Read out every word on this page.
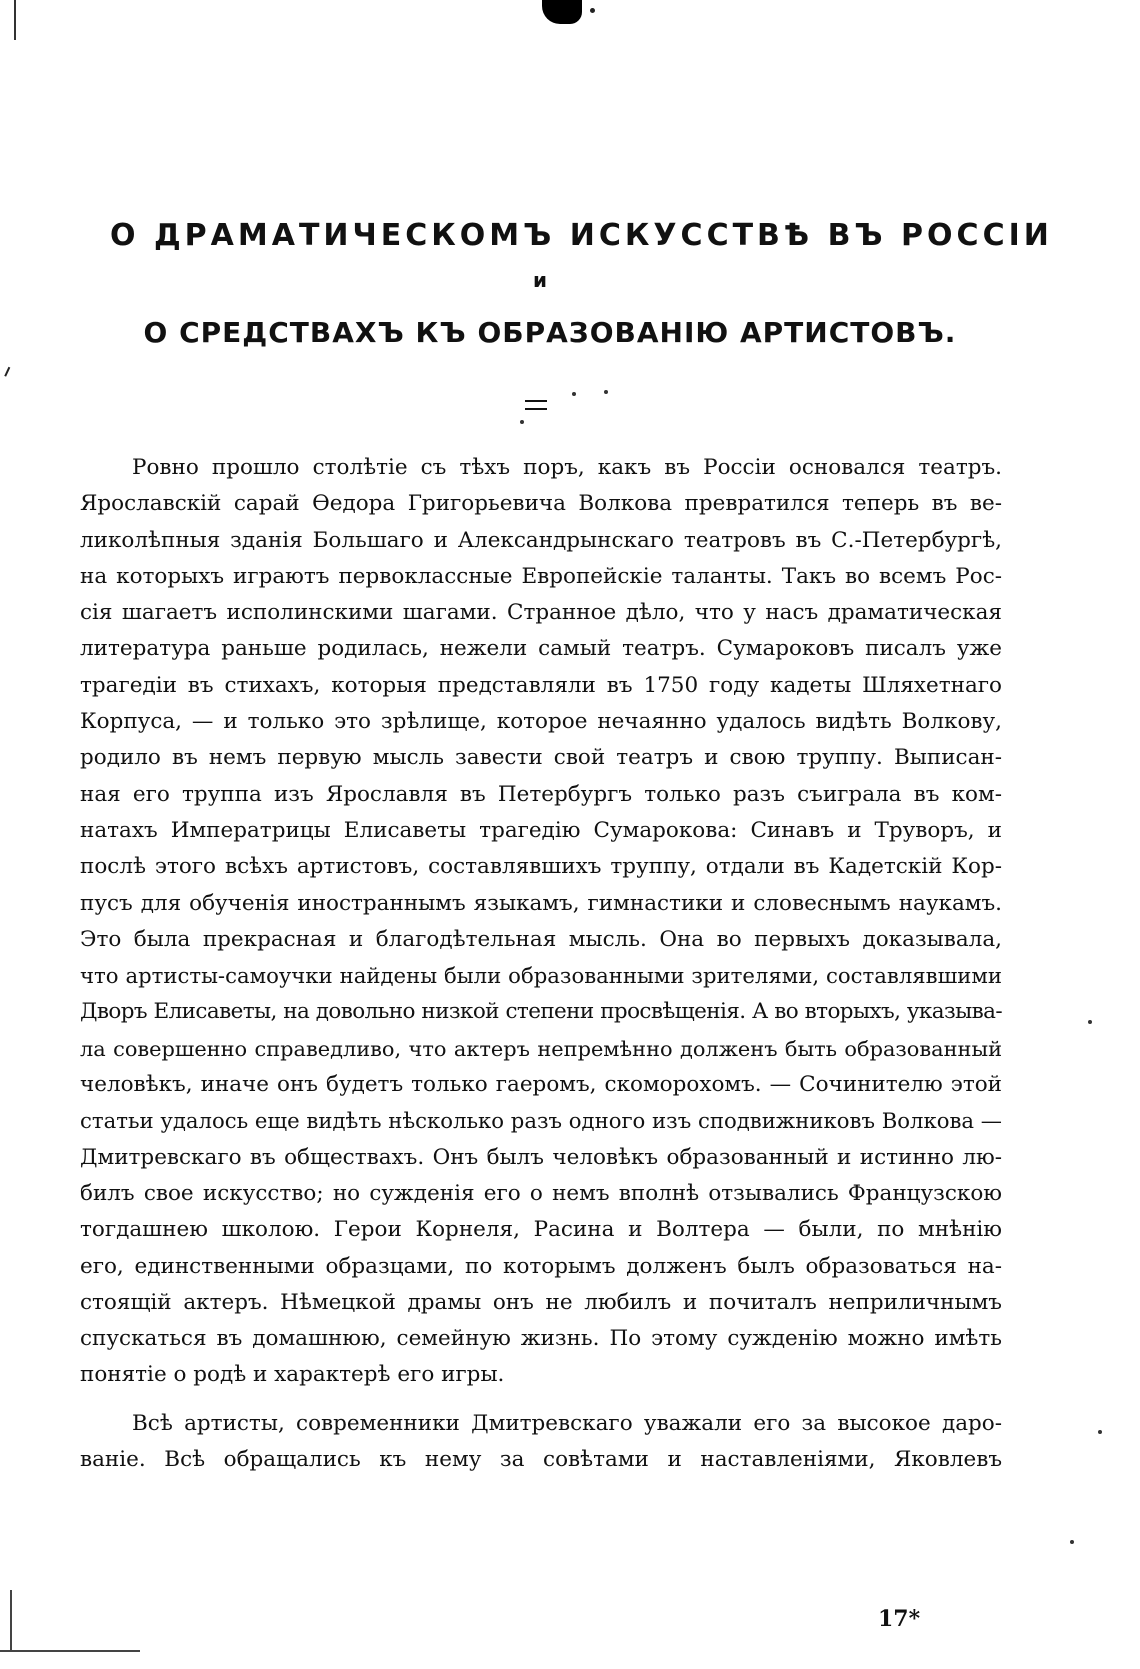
О ДРАМАТИЧЕСКОМЪ ИСКУССТВѢ ВЪ РОССІИ
и
О СРЕДСТВАХЪ КЪ ОБРАЗОВАНІЮ АРТИСТОВЪ.
Ровно прошло столѣтіе съ тѣхъ поръ, какъ въ Россіи основался театръ.
Ярославскій сарай Ѳедора Григорьевича Волкова превратился теперь въ ве-
ликолѣпныя зданія Большаго и Александрынскаго театровъ въ С.-Петербургѣ,
на которыхъ играютъ первоклассные Европейскіе таланты. Такъ во всемъ Рос-
сія шагаетъ исполинскими шагами. Странное дѣло, что у насъ драматическая
литература раньше родилась, нежели самый театръ. Сумароковъ писалъ уже
трагедіи въ стихахъ, которыя представляли въ 1750 году кадеты Шляхетнаго
Корпуса, — и только это зрѣлище, которое нечаянно удалось видѣть Волкову,
родило въ немъ первую мысль завести свой театръ и свою труппу. Выписан-
ная его труппа изъ Ярославля въ Петербургъ только разъ съиграла въ ком-
натахъ Императрицы Елисаветы трагедію Сумарокова: Синавъ и Труворъ, и
послѣ этого всѣхъ артистовъ, составлявшихъ труппу, отдали въ Кадетскій Кор-
пусъ для обученія иностраннымъ языкамъ, гимнастики и словеснымъ наукамъ.
Это была прекрасная и благодѣтельная мысль. Она во первыхъ доказывала,
что артисты-самоучки найдены были образованными зрителями, составлявшими
Дворъ Елисаветы, на довольно низкой степени просвѣщенія. А во вторыхъ, указыва-
ла совершенно справедливо, что актеръ непремѣнно долженъ быть образованный
человѣкъ, иначе онъ будетъ только гаеромъ, скоморохомъ. — Сочинителю этой
статьи удалось еще видѣть нѣсколько разъ одного изъ сподвижниковъ Волкова —
Дмитревскаго въ обществахъ. Онъ былъ человѣкъ образованный и истинно лю-
билъ свое искусство; но сужденія его о немъ вполнѣ отзывались Французскою
тогдашнею школою. Герои Корнеля, Расина и Волтера — были, по мнѣнію
его, единственными образцами, по которымъ долженъ былъ образоваться на-
стоящій актеръ. Нѣмецкой драмы онъ не любилъ и почиталъ неприличнымъ
спускаться въ домашнюю, семейную жизнь. По этому сужденію можно имѣть
понятіе о родѣ и характерѣ его игры.
Всѣ артисты, современники Дмитревскаго уважали его за высокое даро-
ваніе. Всѣ обращались къ нему за совѣтами и наставленіями, Яковлевъ
17*
